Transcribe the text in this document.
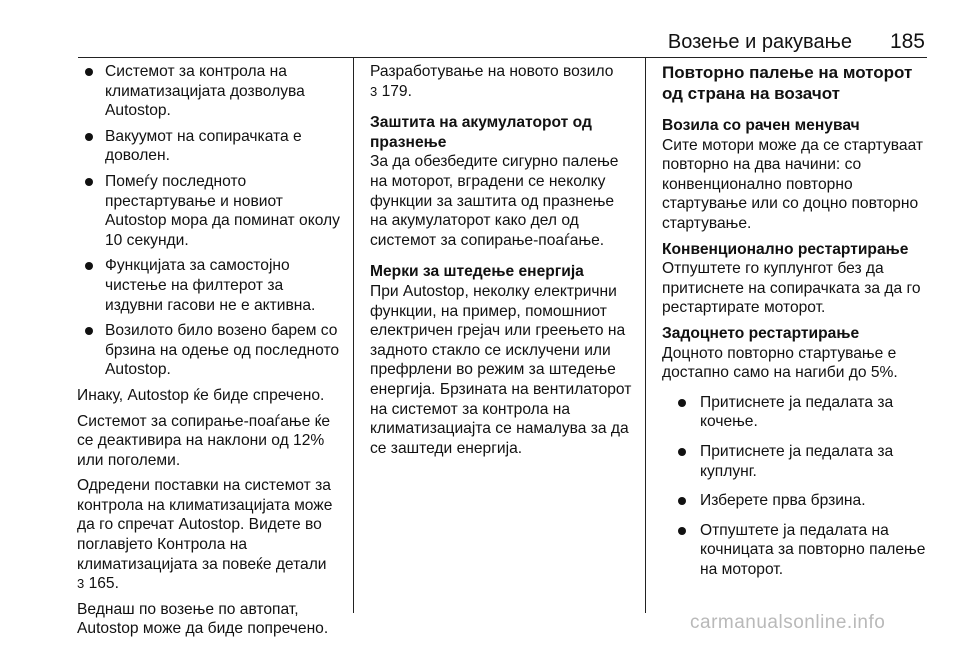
Возење и ракување 185
Системот за контрола на климатизацијата дозволува Autostop.
Вакуумот на сопирачката е доволен.
Помеѓу последното престартување и новиот Autostop мора да поминат околу 10 секунди.
Функцијата за самостојно чистење на филтерот за издувни гасови не е активна.
Возилото било возено барем со брзина на одење од последното Autostop.

Инаку, Autostop ќе биде спречено.

Системот за сопирање-поаѓање ќе се деактивира на наклони од 12% или поголеми.

Одредени поставки на системот за контрола на климатизацијата може да го спречат Autostop. Видете во поглавјето Контрола на климатизацијата за повеќе детали
3 165.

Веднаш по возење по автопат, Autostop може да биде попречено.

Разработување на новото возило
3 179.

Заштита на акумулаторот од празнење

За да обезбедите сигурно палење на моторот, вградени се неколку функции за заштита од празнење на акумулаторот како дел од системот за сопирање-поаѓање.

Мерки за штедење енергија

При Autostop, неколку електрични функции, на пример, помошниот електричен грејач или греењето на задното стакло се исклучени или префрлени во режим за штедење енергија. Брзината на вентилаторот на системот за контрола на климатизациајта се намалува за да се заштеди енергија.

Повторно палење на моторот од страна на возачот

Возила со рачен менувач

Сите мотори може да се стартуваат повторно на два начини: со конвенционално повторно стартување или со доцно повторно стартување.

Конвенционално рестартирање

Отпуштете го куплунгот без да притиснете на сопирачката за да го рестартирате моторот.

Задоцнето рестартирање

Доцното повторно стартување е достапно само на нагиби до 5%.

Притиснете ја педалата за кочење.
Притиснете ја педалата за куплунг.
Изберете прва брзина.
Отпуштете ја педалата на кочницата за повторно палење на моторот.
carmanualsonline.info
